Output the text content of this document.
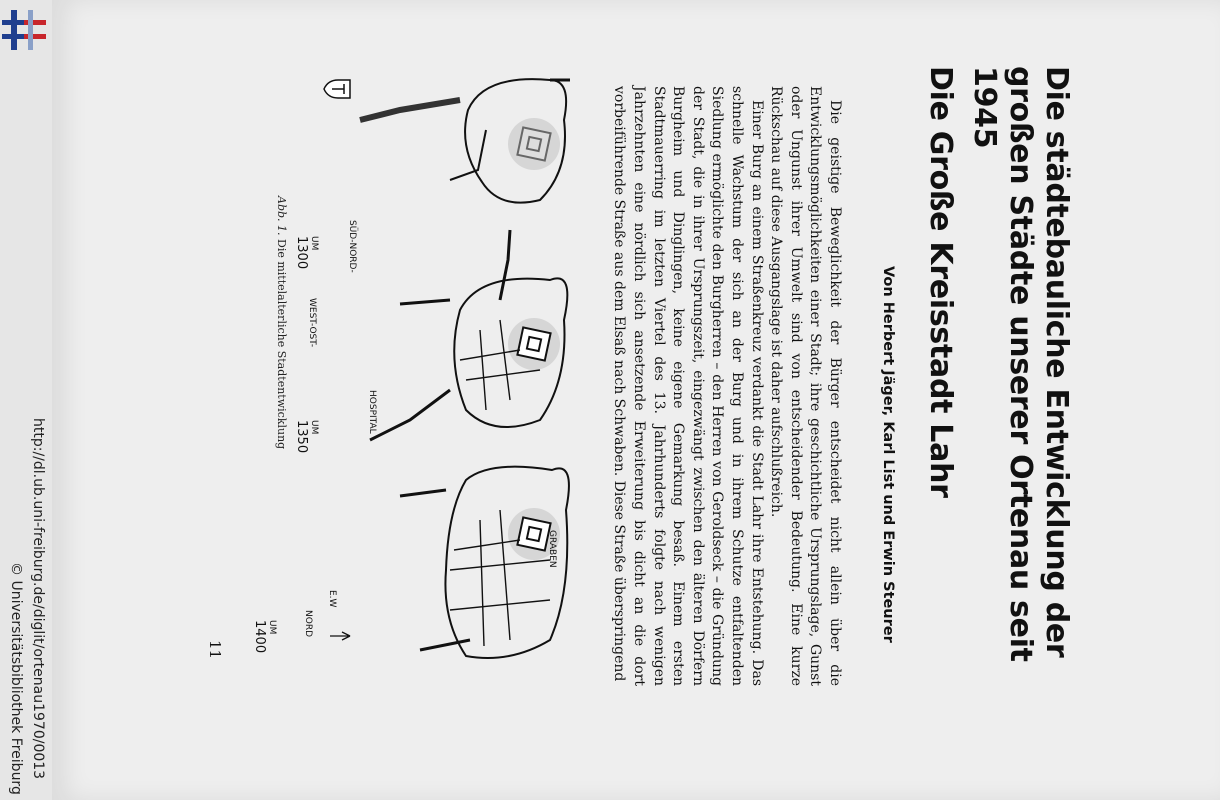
http://dl.ub.uni-freiburg.de/diglit/ortenau1970/0013
© Universitätsbibliothek Freiburg
Die städtebauliche Entwicklung der großen Städte unserer Ortenau seit 1945
Die Große Kreisstadt Lahr
Von Herbert Jäger, Karl List und Erwin Steurer

Die geistige Beweglichkeit der Bürger entscheidet nicht allein über die Entwicklungsmöglichkeiten einer Stadt; ihre geschichtliche Ursprungslage, Gunst oder Ungunst ihrer Umwelt sind von entscheidender Bedeutung. Eine kurze Rückschau auf diese Ausgangslage ist daher aufschlußreich.

Einer Burg an einem Straßenkreuz verdankt die Stadt Lahr ihre Entstehung. Das schnelle Wachstum der sich an der Burg und in ihrem Schutze entfaltenden Siedlung ermöglichte den Burgherren – den Herren von Geroldseck – die Gründung der Stadt, die in ihrer Ursprungszeit, eingezwängt zwischen den älteren Dörfern Burgheim und Dinglingen, keine eigene Gemarkung besaß. Einem ersten Stadtmauerring im letzten Viertel des 13. Jahrhunderts folgte nach wenigen Jahrzehnten eine nördlich sich ansetzende Erweiterung bis dicht an die dort vorbeiführende Straße aus dem Elsaß nach Schwaben. Diese Straße überspringend

WEST-OST-
SÜD-NORD-
HOSPITAL
GRABEN
NORD
E.W
UM
1300
UM
1350
UM
1400
Abb. 1. Die mittelalterliche Stadtentwicklung
11
